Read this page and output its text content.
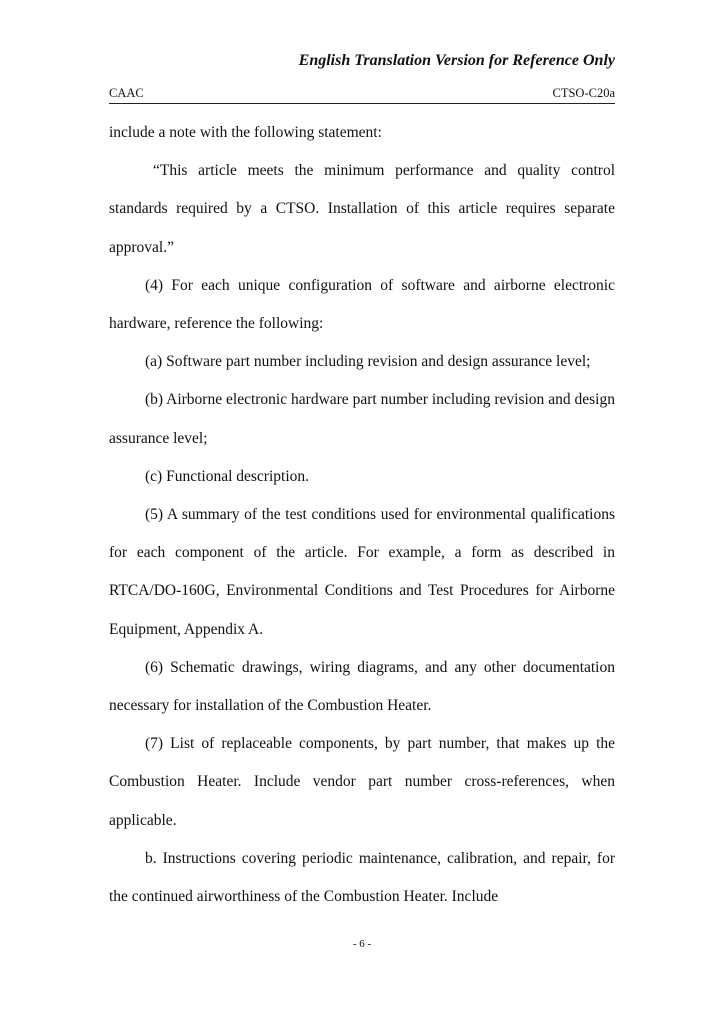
English Translation Version for Reference Only
CAAC	CTSO-C20a

include a note with the following statement:

“This article meets the minimum performance and quality control standards required by a CTSO. Installation of this article requires separate approval.”

(4) For each unique configuration of software and airborne electronic hardware, reference the following:

(a) Software part number including revision and design assurance level;

(b) Airborne electronic hardware part number including revision and design assurance level;

(c) Functional description.

(5) A summary of the test conditions used for environmental qualifications for each component of the article. For example, a form as described in RTCA/DO-160G, Environmental Conditions and Test Procedures for Airborne Equipment, Appendix A.

(6) Schematic drawings, wiring diagrams, and any other documentation necessary for installation of the Combustion Heater.

(7) List of replaceable components, by part number, that makes up the Combustion Heater. Include vendor part number cross-references, when applicable.

b. Instructions covering periodic maintenance, calibration, and repair, for the continued airworthiness of the Combustion Heater. Include

- 6 -
